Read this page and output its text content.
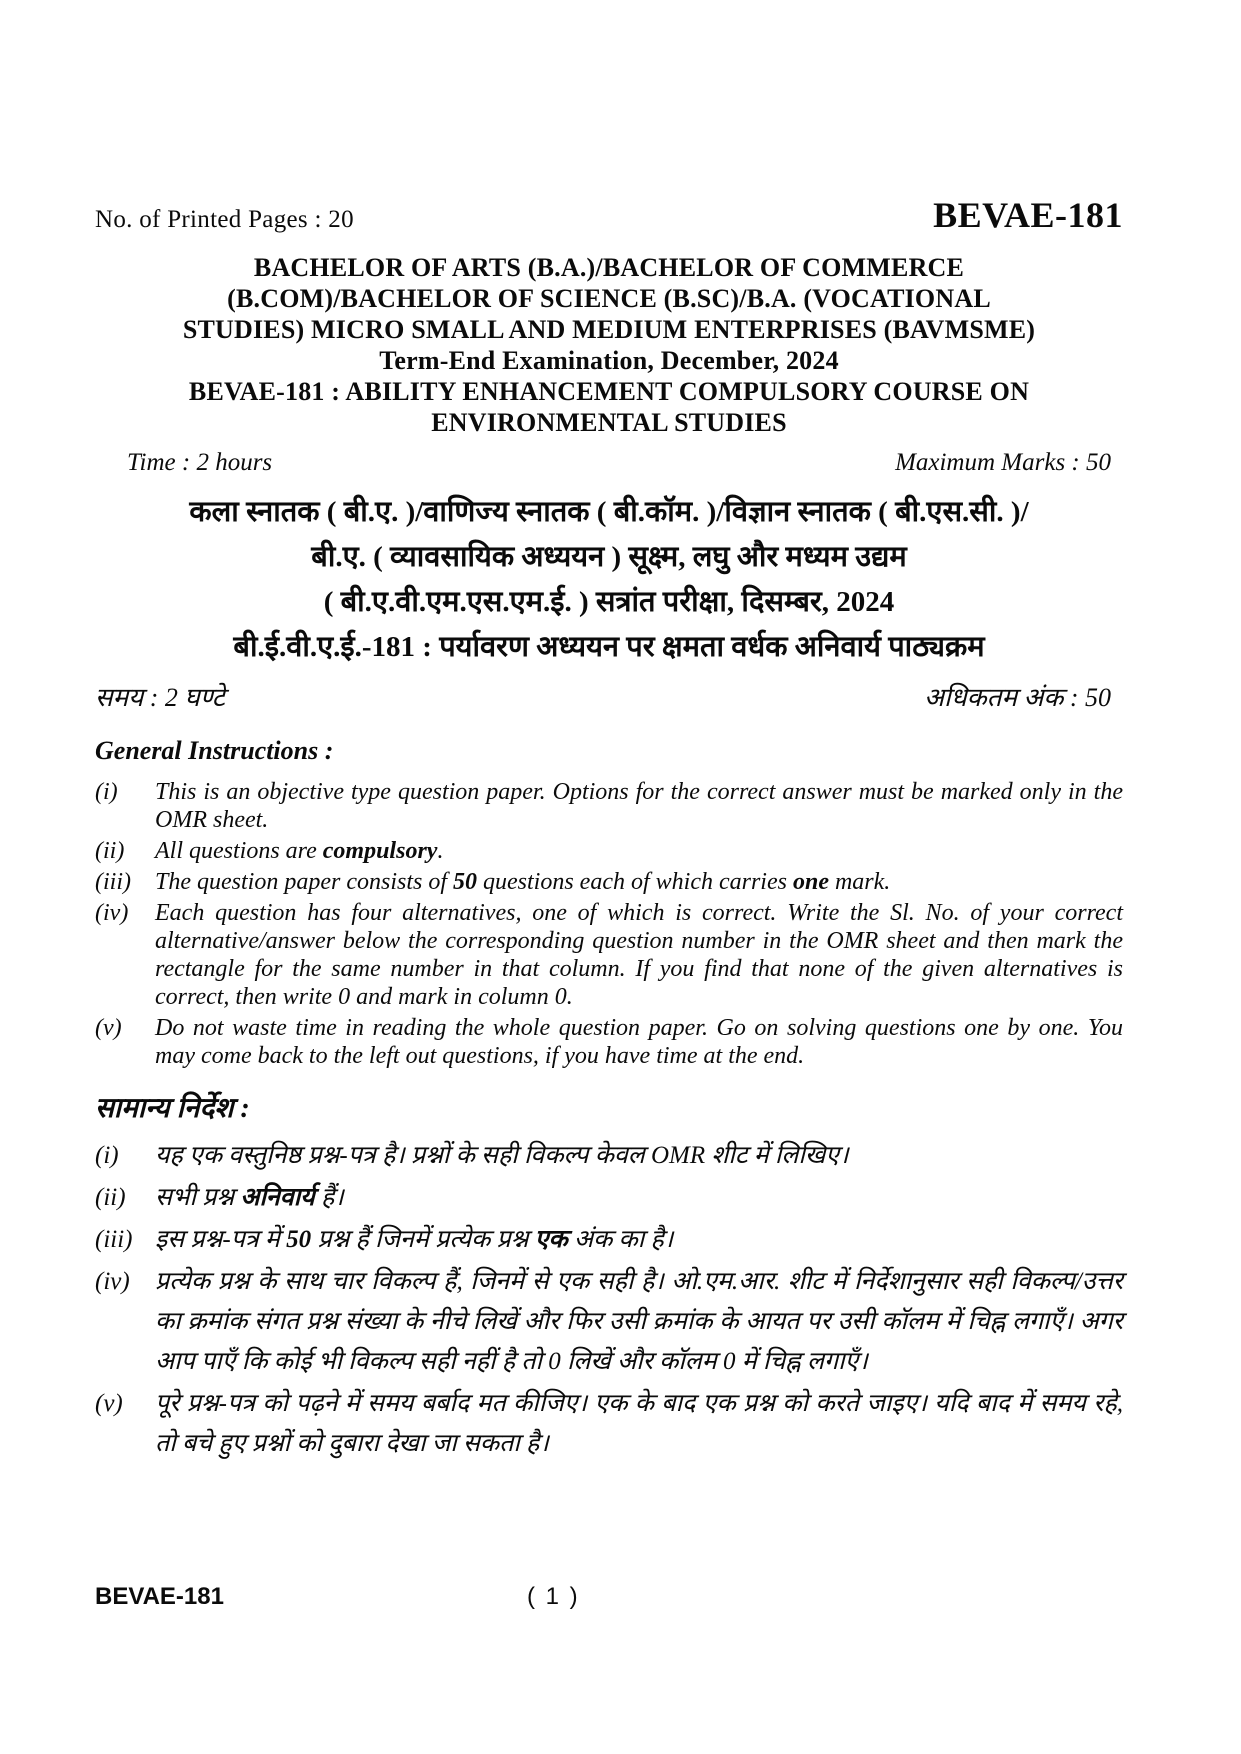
No. of Printed Pages : 20	BEVAE-181
BACHELOR OF ARTS (B.A.)/BACHELOR OF COMMERCE
(B.COM)/BACHELOR OF SCIENCE (B.SC)/B.A. (VOCATIONAL
STUDIES) MICRO SMALL AND MEDIUM ENTERPRISES (BAVMSME)
Term-End Examination, December, 2024
BEVAE-181 : ABILITY ENHANCEMENT COMPULSORY COURSE ON
ENVIRONMENTAL STUDIES
Time : 2 hours	Maximum Marks : 50
कला स्नातक ( बी.ए. )/वाणिज्य स्नातक ( बी.कॉम. )/विज्ञान स्नातक ( बी.एस.सी. )/
बी.ए. ( व्यावसायिक अध्ययन ) सूक्ष्म, लघु और मध्यम उद्यम
( बी.ए.वी.एम.एस.एम.ई. ) सत्रांत परीक्षा, दिसम्बर, 2024
बी.ई.वी.ए.ई.-181 : पर्यावरण अध्ययन पर क्षमता वर्धक अनिवार्य पाठ्यक्रम
समय : 2 घण्टे	अधिकतम अंक : 50
General Instructions :
(i)	This is an objective type question paper. Options for the correct answer must be marked only in the OMR sheet.
(ii)	All questions are compulsory.
(iii)	The question paper consists of 50 questions each of which carries one mark.
(iv)	Each question has four alternatives, one of which is correct. Write the Sl. No. of your correct alternative/answer below the corresponding question number in the OMR sheet and then mark the rectangle for the same number in that column. If you find that none of the given alternatives is correct, then write 0 and mark in column 0.
(v)	Do not waste time in reading the whole question paper. Go on solving questions one by one. You may come back to the left out questions, if you have time at the end.
सामान्य निर्देश :
(i)	यह एक वस्तुनिष्ठ प्रश्न-पत्र है। प्रश्नों के सही विकल्प केवल OMR शीट में लिखिए।
(ii)	सभी प्रश्न अनिवार्य हैं।
(iii) इस प्रश्न-पत्र में 50 प्रश्न हैं जिनमें प्रत्येक प्रश्न एक अंक का है।
(iv)	प्रत्येक प्रश्न के साथ चार विकल्प हैं, जिनमें से एक सही है। ओ.एम.आर. शीट में निर्देशानुसार सही विकल्प/उत्तर का क्रमांक संगत प्रश्न संख्या के नीचे लिखें और फिर उसी क्रमांक के आयत पर उसी कॉलम में चिह्न लगाएँ। अगर आप पाएँ कि कोई भी विकल्प सही नहीं है तो 0 लिखें और कॉलम 0 में चिह्न लगाएँ।
(v)	पूरे प्रश्न-पत्र को पढ़ने में समय बर्बाद मत कीजिए। एक के बाद एक प्रश्न को करते जाइए। यदि बाद में समय रहे, तो बचे हुए प्रश्नों को दुबारा देखा जा सकता है।
BEVAE-181	( 1 )
